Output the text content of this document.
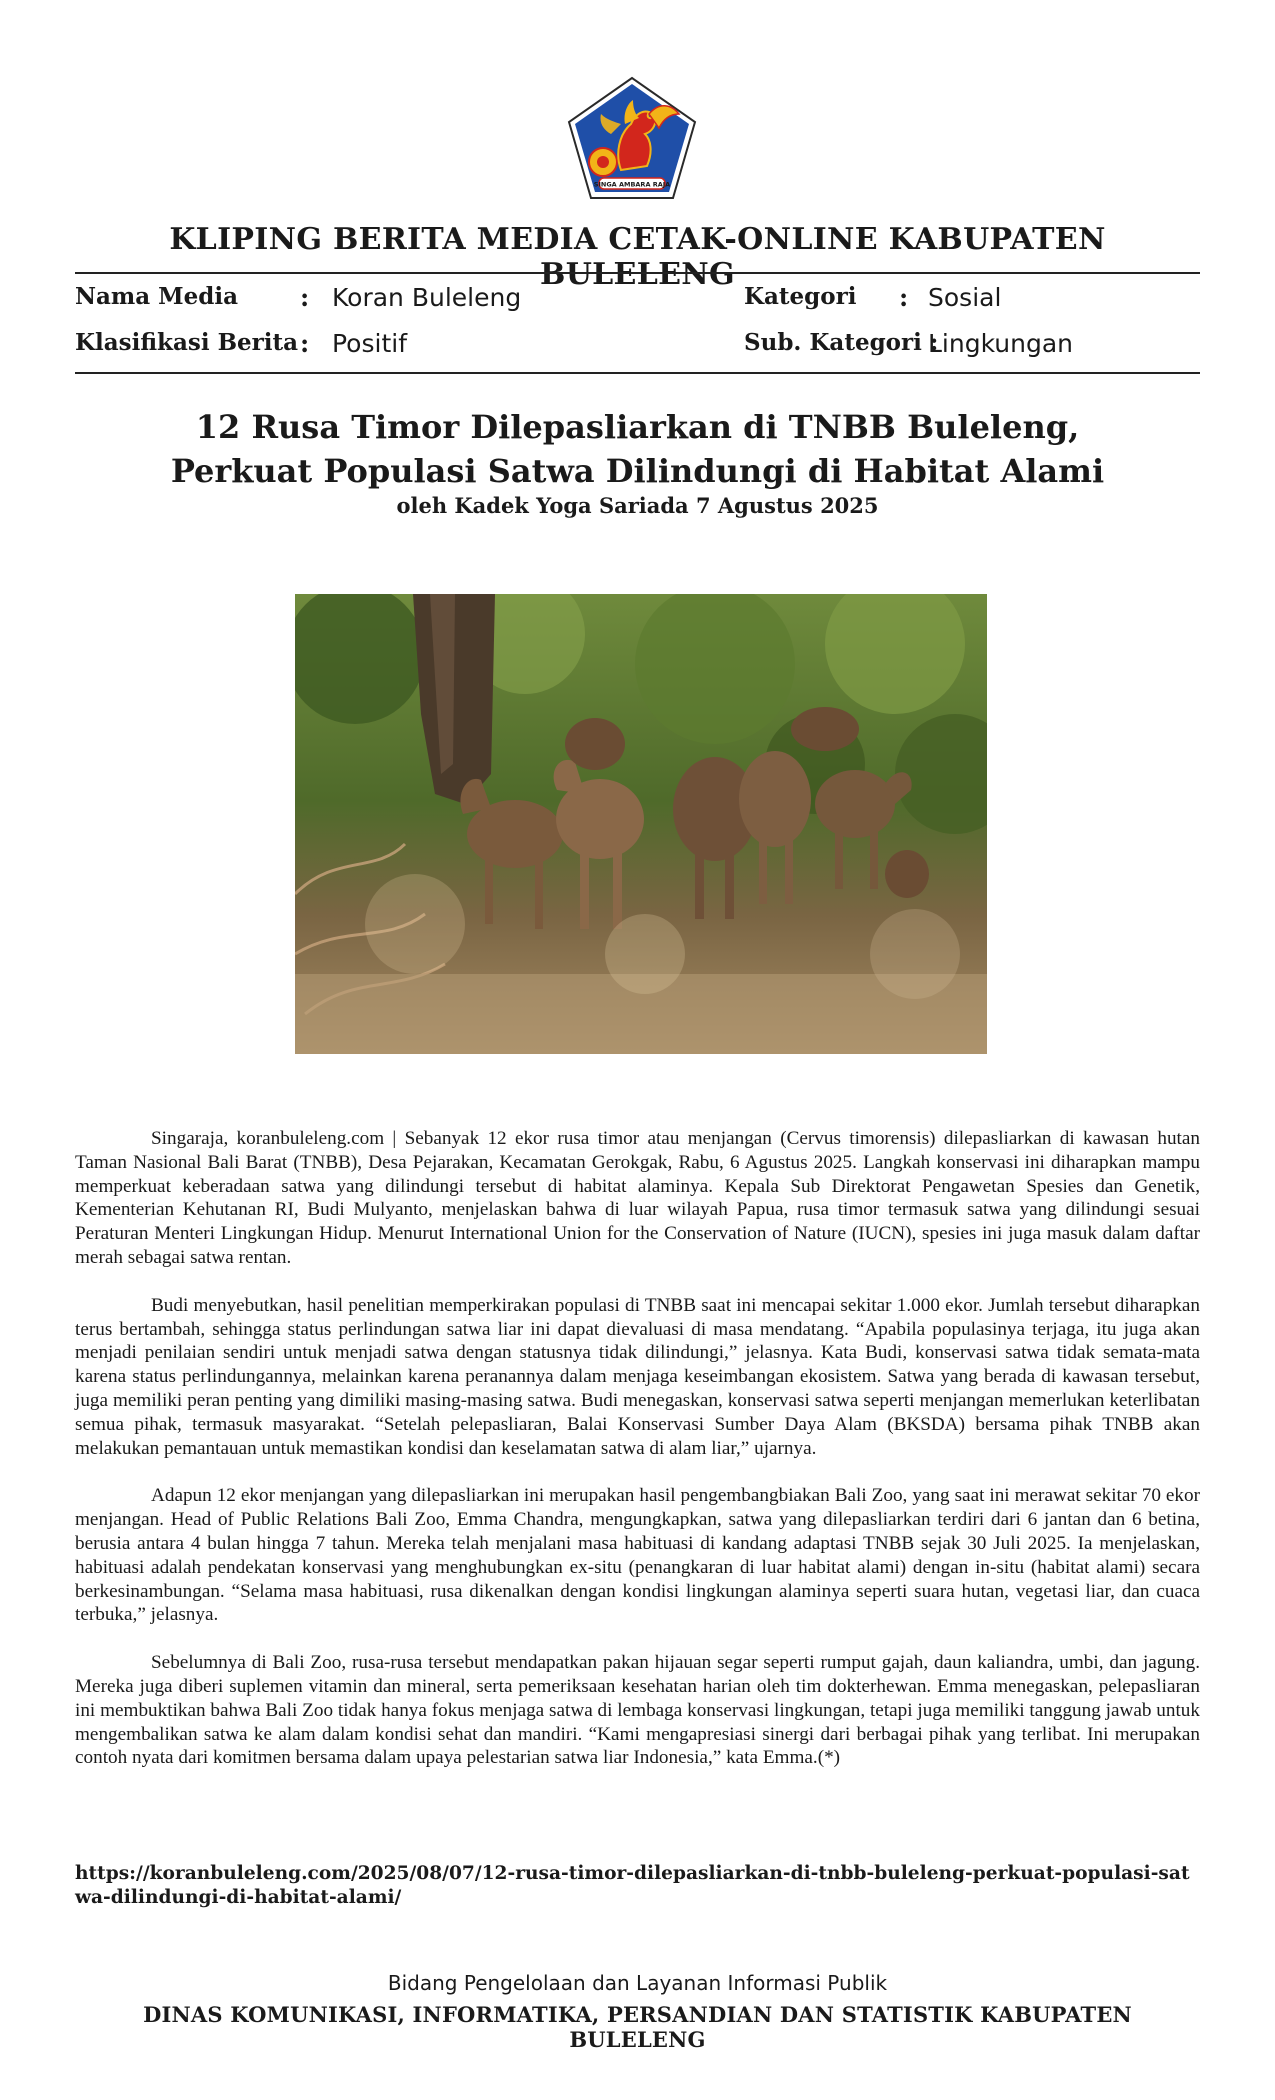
SINGA AMBARA RAJA
KLIPING BERITA MEDIA CETAK-ONLINE KABUPATEN BULELENG
Nama Media : Koran Buleleng
Klasifikasi Berita : Positif
Kategori : Sosial
Sub. Kategori :
Lingkungan
12 Rusa Timor Dilepasliarkan di TNBB Buleleng,
Perkuat Populasi Satwa Dilindungi di Habitat Alami
oleh Kadek Yoga Sariada 7 Agustus 2025

Singaraja, koranbuleleng.com | Sebanyak 12 ekor rusa timor atau menjangan (Cervus timorensis) dilepasliarkan di kawasan hutan Taman Nasional Bali Barat (TNBB), Desa Pejarakan, Kecamatan Gerokgak, Rabu, 6 Agustus 2025. Langkah konservasi ini diharapkan mampu memperkuat keberadaan satwa yang dilindungi tersebut di habitat alaminya. Kepala Sub Direktorat Pengawetan Spesies dan Genetik, Kementerian Kehutanan RI, Budi Mulyanto, menjelaskan bahwa di luar wilayah Papua, rusa timor termasuk satwa yang dilindungi sesuai Peraturan Menteri Lingkungan Hidup. Menurut International Union for the Conservation of Nature (IUCN), spesies ini juga masuk dalam daftar merah sebagai satwa rentan.

Budi menyebutkan, hasil penelitian memperkirakan populasi di TNBB saat ini mencapai sekitar 1.000 ekor. Jumlah tersebut diharapkan terus bertambah, sehingga status perlindungan satwa liar ini dapat dievaluasi di masa mendatang. “Apabila populasinya terjaga, itu juga akan menjadi penilaian sendiri untuk menjadi satwa dengan statusnya tidak dilindungi,” jelasnya. Kata Budi, konservasi satwa tidak semata-mata karena status perlindungannya, melainkan karena peranannya dalam menjaga keseimbangan ekosistem. Satwa yang berada di kawasan tersebut, juga memiliki peran penting yang dimiliki masing-masing satwa. Budi menegaskan, konservasi satwa seperti menjangan memerlukan keterlibatan semua pihak, termasuk masyarakat. “Setelah pelepasliaran, Balai Konservasi Sumber Daya Alam (BKSDA) bersama pihak TNBB akan melakukan pemantauan untuk memastikan kondisi dan keselamatan satwa di alam liar,” ujarnya.

Adapun 12 ekor menjangan yang dilepasliarkan ini merupakan hasil pengembangbiakan Bali Zoo, yang saat ini merawat sekitar 70 ekor menjangan. Head of Public Relations Bali Zoo, Emma Chandra, mengungkapkan, satwa yang dilepasliarkan terdiri dari 6 jantan dan 6 betina, berusia antara 4 bulan hingga 7 tahun. Mereka telah menjalani masa habituasi di kandang adaptasi TNBB sejak 30 Juli 2025. Ia menjelaskan, habituasi adalah pendekatan konservasi yang menghubungkan ex-situ (penangkaran di luar habitat alami) dengan in-situ (habitat alami) secara berkesinambungan. “Selama masa habituasi, rusa dikenalkan dengan kondisi lingkungan alaminya seperti suara hutan, vegetasi liar, dan cuaca terbuka,” jelasnya.

Sebelumnya di Bali Zoo, rusa-rusa tersebut mendapatkan pakan hijauan segar seperti rumput gajah, daun kaliandra, umbi, dan jagung. Mereka juga diberi suplemen vitamin dan mineral, serta pemeriksaan kesehatan harian oleh tim dokterhewan. Emma menegaskan, pelepasliaran ini membuktikan bahwa Bali Zoo tidak hanya fokus menjaga satwa di lembaga konservasi lingkungan, tetapi juga memiliki tanggung jawab untuk mengembalikan satwa ke alam dalam kondisi sehat dan mandiri. “Kami mengapresiasi sinergi dari berbagai pihak yang terlibat. Ini merupakan contoh nyata dari komitmen bersama dalam upaya pelestarian satwa liar Indonesia,” kata Emma.(*)

https://koranbuleleng.com/2025/08/07/12-rusa-timor-dilepasliarkan-di-tnbb-buleleng-perkuat-populasi-satwa-dilindungi-di-habitat-alami/
Bidang Pengelolaan dan Layanan Informasi Publik
DINAS KOMUNIKASI, INFORMATIKA, PERSANDIAN DAN STATISTIK KABUPATEN BULELENG
